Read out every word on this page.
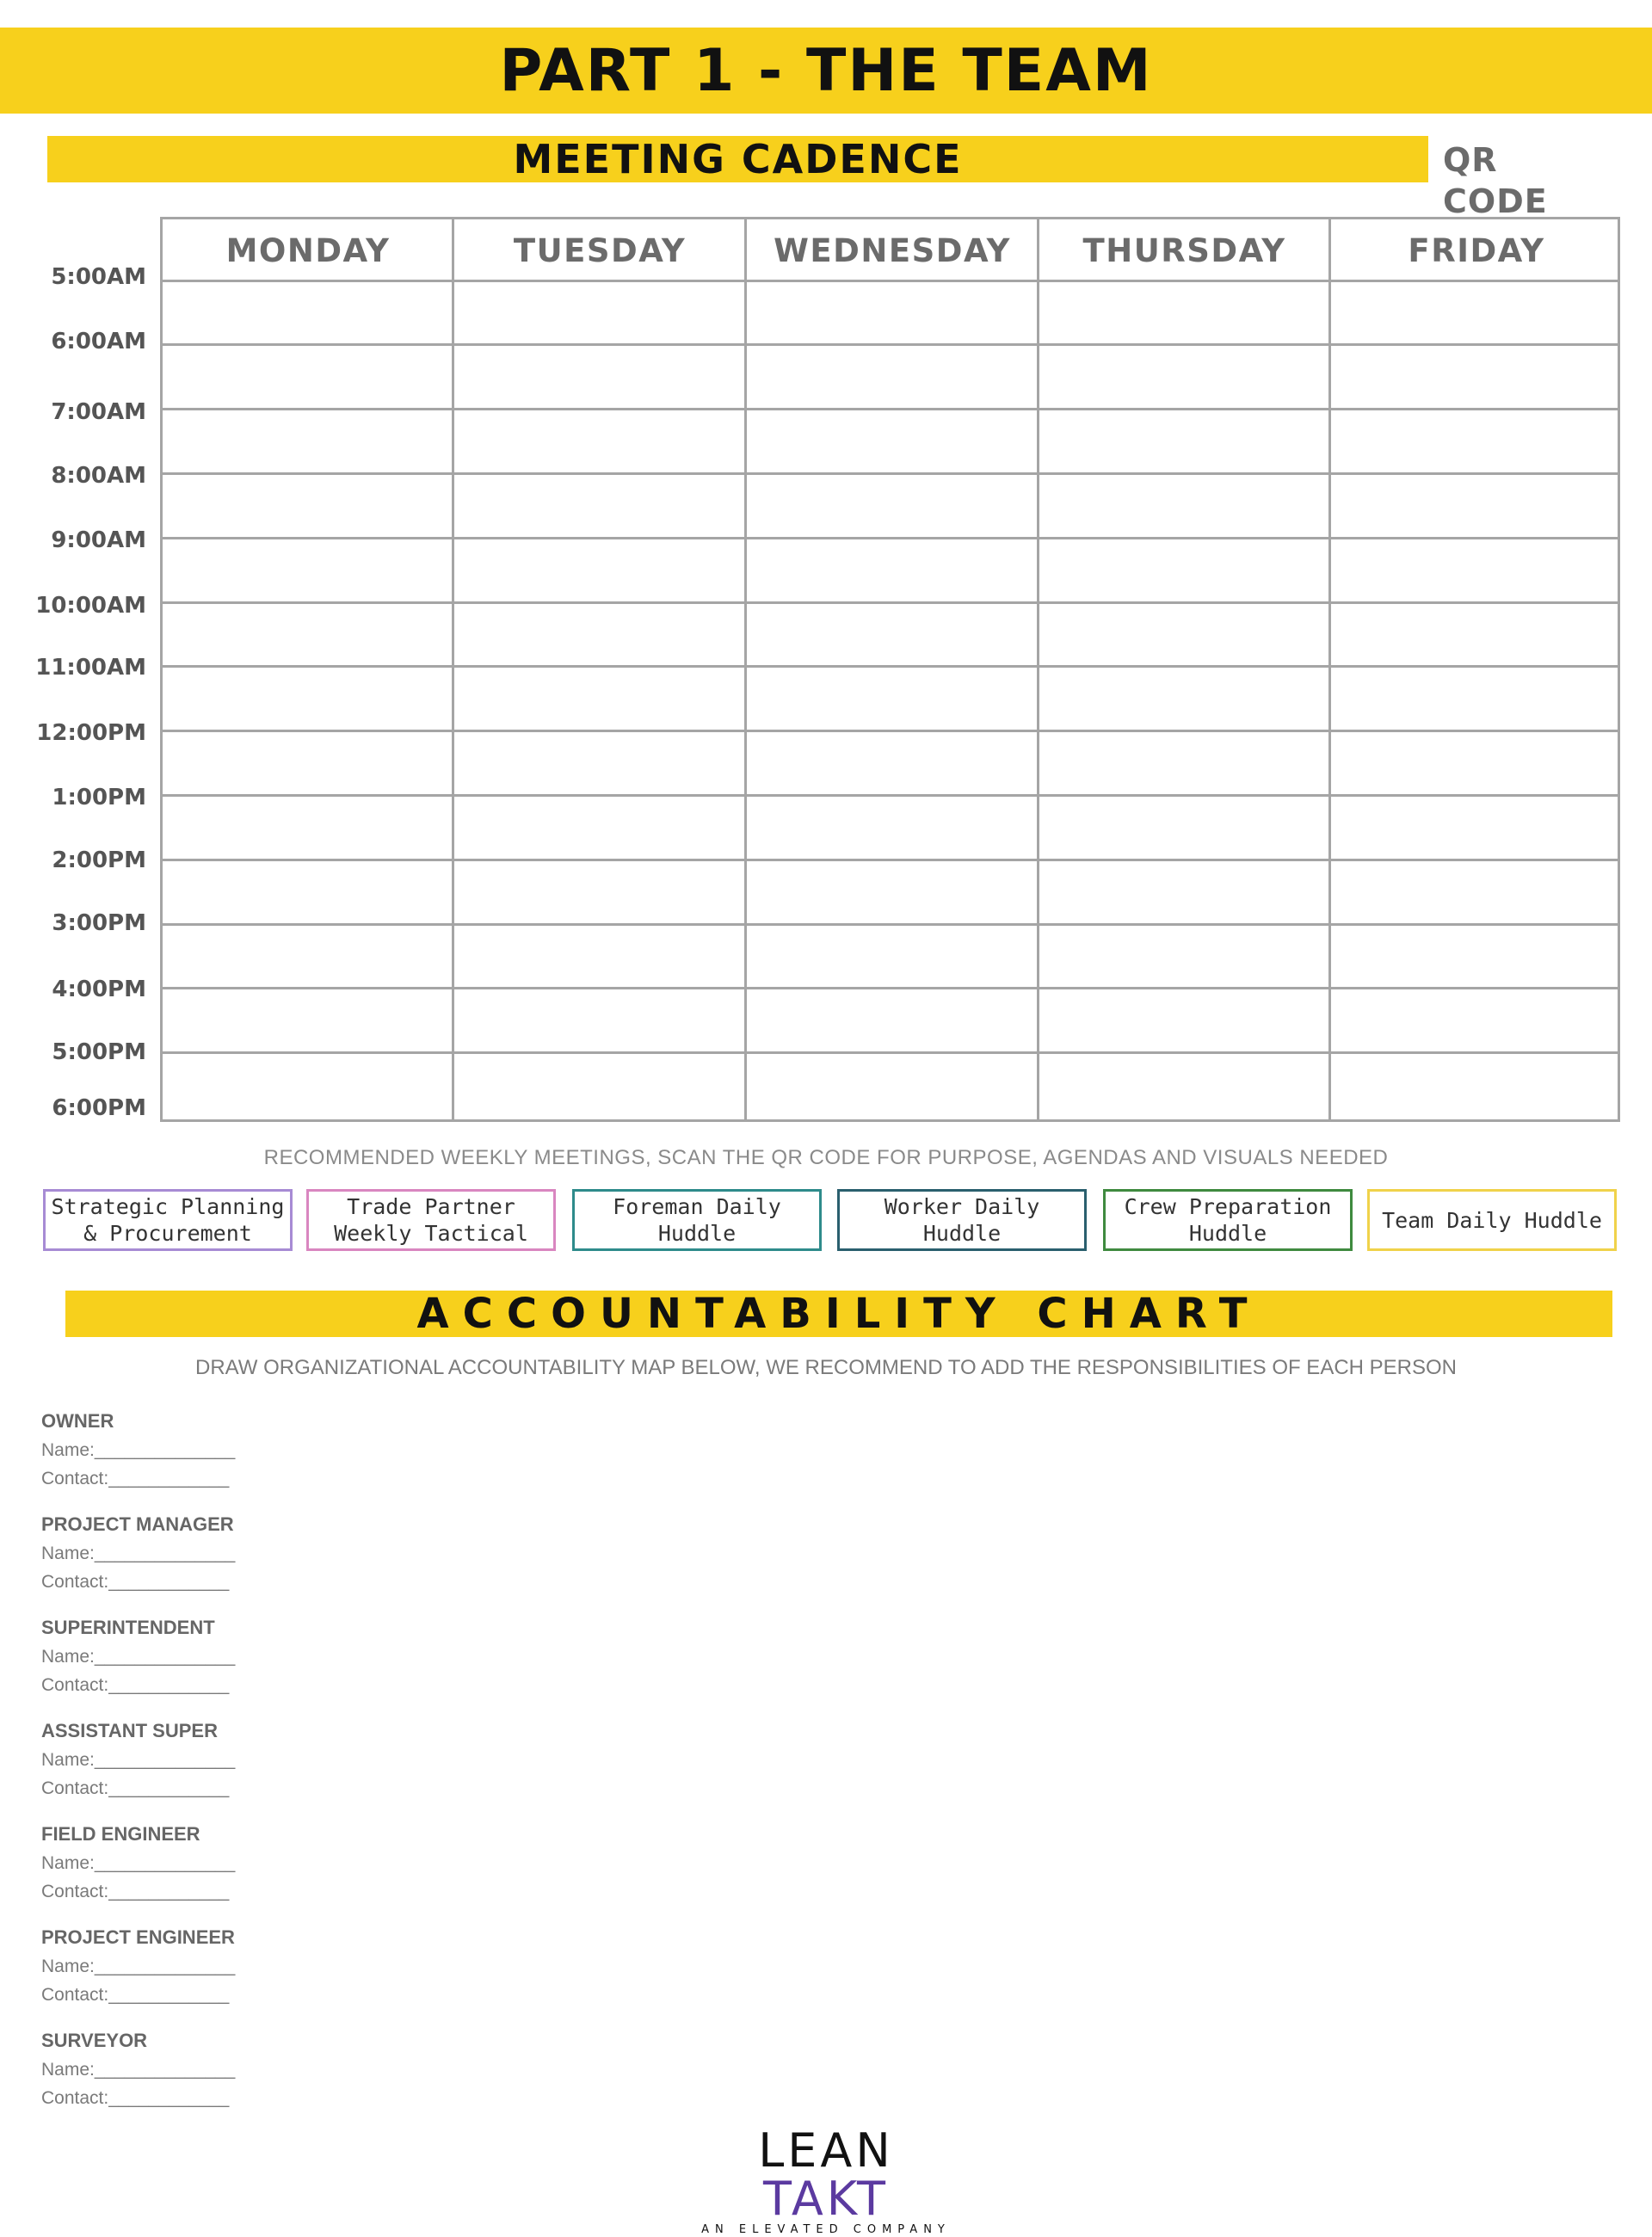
PART 1 - THE TEAM
MEETING CADENCE	QR CODE
MONDAY	TUESDAY	WEDNESDAY	THURSDAY	FRIDAY
5:00AM
6:00AM
7:00AM
8:00AM
9:00AM
10:00AM
11:00AM
12:00PM
1:00PM
2:00PM
3:00PM
4:00PM
5:00PM
6:00PM
RECOMMENDED WEEKLY MEETINGS, SCAN THE QR CODE FOR PURPOSE, AGENDAS AND VISUALS NEEDED
Strategic Planning & Procurement
Trade Partner Weekly Tactical
Foreman Daily Huddle
Worker Daily Huddle
Crew Preparation Huddle
Team Daily Huddle
ACCOUNTABILITY CHART
DRAW ORGANIZATIONAL ACCOUNTABILITY MAP BELOW, WE RECOMMEND TO ADD THE RESPONSIBILITIES OF EACH PERSON
OWNER
Name:______________
Contact:____________
PROJECT MANAGER
Name:______________
Contact:____________
SUPERINTENDENT
Name:______________
Contact:____________
ASSISTANT SUPER
Name:______________
Contact:____________
FIELD ENGINEER
Name:______________
Contact:____________
PROJECT ENGINEER
Name:______________
Contact:____________
SURVEYOR
Name:______________
Contact:____________
LEAN TAKT
AN ELEVATED COMPANY
